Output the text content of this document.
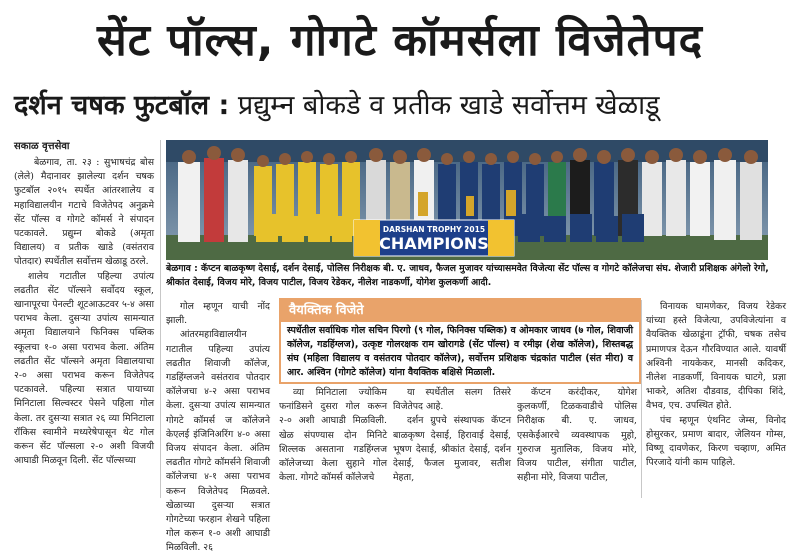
सेंट पॉल्स, गोगटे कॉमर्सला विजेतेपद
दर्शन चषक फुटबॉल : प्रद्युम्न बोकडे व प्रतीक खाडे सर्वोत्तम खेळाडू
सकाळ वृत्तसेवा

बेळगाव, ता. २३ : सुभाषचंद्र बोस (लेले) मैदानावर झालेल्या दर्शन चषक फुटबॉल २०१५ स्पर्धेत आंतरशालेय व महाविद्यालयीन गटाचे विजेतेपद अनुक्रमे सेंट पॉल्स व गोगटे कॉमर्स ने संपादन पटकावले. प्रद्युम्न बोकडे (अमृता विद्यालय) व प्रतीक खाडे (वसंतराव पोतदार) स्पर्धेतील सर्वोत्तम खेळाडू ठरले.

शालेय गटातील पहिल्या उपांत्य लढतीत सेंट पॉल्सने सर्वोदय स्कूल, खानापूरचा पेनल्टी शूटआऊटवर ५-४ असा पराभव केला. दुसऱ्या उपांत्य सामन्यात अमृता विद्यालयाने फिनिक्स पब्लिक स्कूलचा १-० असा पराभव केला. अंतिम लढतीत सेंट पॉल्सने अमृता विद्यालयाचा २-० असा पराभव करून विजेतेपद पटकावले. पहिल्या सत्रात पायाच्या मिनिटाला सिल्वस्टर पेसने पहिला गोल केला. तर दुसऱ्या सत्रात २६ व्या मिनिटाला रॉकिस स्वामीने मध्यरेषेपासून थेट गोल करून सेंट पॉल्सला २-० अशी विजयी आघाडी मिळवून दिली. सेंट पॉल्सच्या

DARSHAN TROPHY 2015
CHAMPIONS
बेळगाव : कॅप्टन बाळकृष्ण देसाई, दर्शन देसाई, पोलिस निरीक्षक बी. ए. जाधव, फैजल मुजावर यांच्यासमवेत विजेत्या सेंट पॉल्स व गोगटे कॉलेजचा संघ. शेजारी प्रशिक्षक अंगेलो रेगो, श्रीकांत देसाई, विजय मोरे, विजय पाटील, विजय रेडेकर, नीलेश नाडकर्णी, योगेश कुलकर्णी आदी.

गोल म्हणून याची नोंद झाली.

आंतरमहाविद्यालयीन गटातील पहिल्या उपांत्य लढतीत शिवाजी कॉलेज, गडहिंग्लजने वसंतराव पोतदार कॉलेजचा ४-२ असा पराभव केला. दुसऱ्या उपांत्य सामन्यात गोगटे कॉमर्स ज कॉलेजने केएलई इंजिनिअरिंग ४-० असा विजय संपादन केला. अंतिम लढतीत गोगटे कॉमर्सने शिवाजी कॉलेजचा ४-१ असा पराभव करून विजेतेपद मिळवले. खेळाच्या दुसऱ्या सत्रात गोगटेच्या फरहान शेखने पहिला गोल करून १-० अशी आघाडी मिळविली. २६

वैयक्तिक विजेते
स्पर्धेतील सर्वाधिक गोल सचिन पिरगो (९ गोल, फिनिक्स पब्लिक) व ओमकार जाधव (७ गोल, शिवाजी कॉलेज, गडहिंग्लज), उत्कृष्ट गोलरक्षक राम खोरागडे (सेंट पॉल्स) व रमीझ (शेख कॉलेज), शिस्तबद्ध संघ (महिला विद्यालय व वसंतराव पोतदार कॉलेज), सर्वोत्तम प्रशिक्षक चंद्रकांत पाटील (संत मीरा) व आर. अश्विन (गोगटे कॉलेज) यांना वैयक्तिक बक्षिसे मिळाली.

व्या मिनिटाला ज्योकिम फनांडिसने दुसरा गोल करून २-० अशी आघाडी मिळविली. खेळ संपण्यास दोन मिनिटे शिल्लक असताना गडहिंग्लज कॉलेजच्या केला सुहाने गोल केला. गोगटे कॉमर्स कॉलेजचे

या स्पर्धेतील सलग तिसरे विजेतेपद आहे.

दर्शन ग्रुपचे संस्थापक कॅप्टन बाळकृष्ण देसाई, हिरावाई देसाई, भूषण देसाई, श्रीकांत देसाई, दर्शन देसाई, फैजल मुजावर, सतीश मेहता,

कॅप्टन करंदीकर, योगेश कुलकर्णी, टिळकवाडीचे पोलिस निरीक्षक बी. ए. जाधव, एसकेईआरचे व्यवस्थापक मुहो, गुरुराज मुतालिक, विजय मोरे, विजय पाटील, संगीता पाटील, सहीना मोरे, विजया पाटील,

विनायक घामणेकर, विजय रेडेकर यांच्या हस्ते विजेत्या, उपविजेत्यांना व वैयक्तिक खेळाडूंना ट्रॉफी, चषक तसेच प्रमाणपत्र देऊन गौरविण्यात आले. यावर्षी अश्विनी नायकेकर, मानसी कदिकर, नीलेश नाडकर्णी, विनायक घाटगे, प्रज्ञा भाकरे, अतिश दौडवाड, दीपिका शिंदे, वैभव, एच. उपस्थित होते.

पंच म्हणून एंथनिट जेम्स, विनोद होसुरकर, प्रमाण बादार, जेलियन गोम्स, विष्णू दावणेकर, किरण चव्हाण, अमित पिरजादे यांनी काम पाहिले.
